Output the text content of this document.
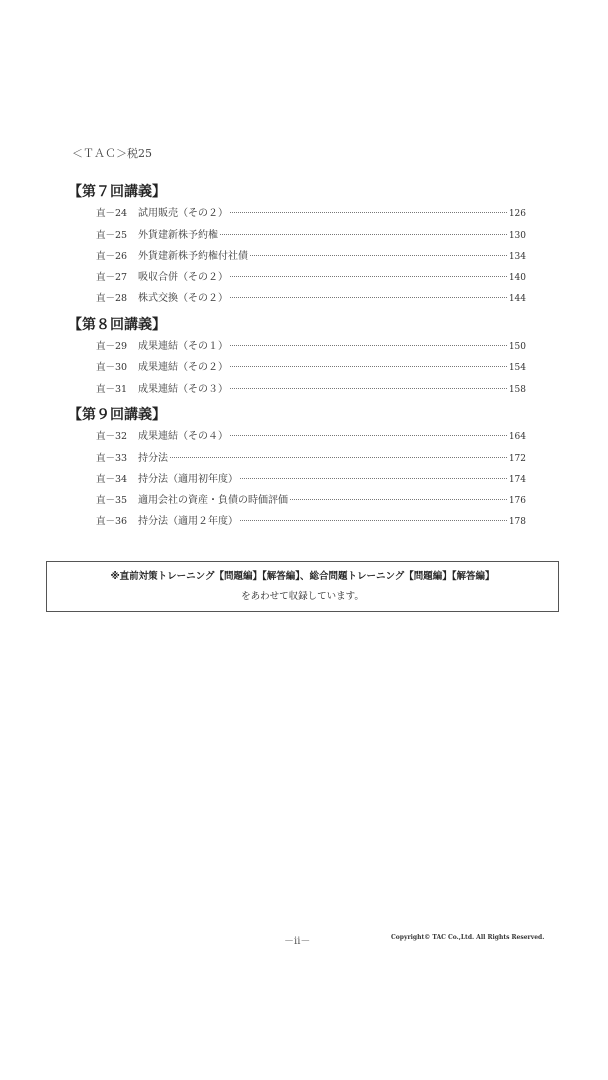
＜ＴＡＣ＞税25
【第７回講義】
直－24	試用販売（その２）	126
直－25	外貨建新株予約権	130
直－26	外貨建新株予約権付社債	134
直－27	吸収合併（その２）	140
直－28	株式交換（その２）	144
【第８回講義】
直－29	成果連結（その１）	150
直－30	成果連結（その２）	154
直－31	成果連結（その３）	158
【第９回講義】
直－32	成果連結（その４）	164
直－33	持分法	172
直－34	持分法（適用初年度）	174
直－35	適用会社の資産・負債の時価評価	176
直－36	持分法（適用２年度）	178
※直前対策トレーニング【問題編】【解答編】、総合問題トレーニング【問題編】【解答編】
をあわせて収録しています。
－ii－	Copyright© TAC Co.,Ltd. All Rights Reserved.
